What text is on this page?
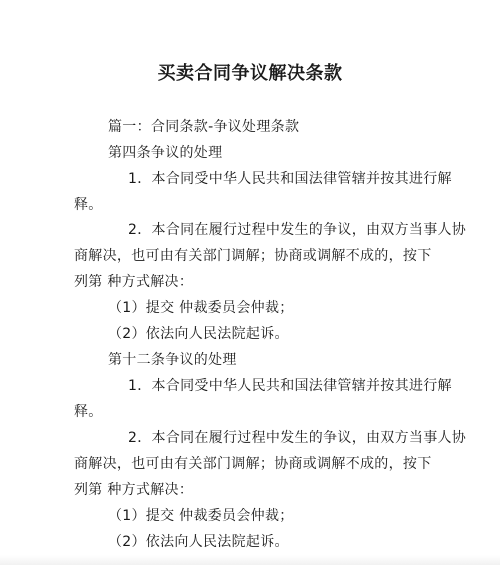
买卖合同争议解决条款
篇一：合同条款-争议处理条款
第四条争议的处理
1．本合同受中华人民共和国法律管辖并按其进行解
释。
2．本合同在履行过程中发生的争议，由双方当事人协
商解决，也可由有关部门调解；协商或调解不成的，按下
列第 种方式解决：
（1）提交 仲裁委员会仲裁；
（2）依法向人民法院起诉。
第十二条争议的处理
1．本合同受中华人民共和国法律管辖并按其进行解
释。
2．本合同在履行过程中发生的争议，由双方当事人协
商解决，也可由有关部门调解；协商或调解不成的，按下
列第 种方式解决：
（1）提交 仲裁委员会仲裁；
（2）依法向人民法院起诉。
